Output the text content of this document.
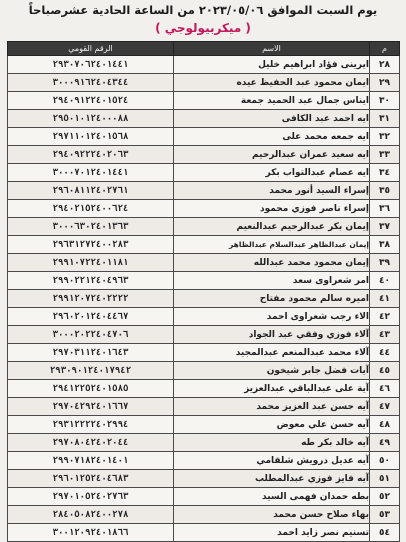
يوم السبت الموافق ٢٠٢٣/٠٥/٠٦ من الساعة الحادية عشرصباحاً
( ميكربيولوجي )
م	الاسم	الرقم القومي
٢٨	ايرينى فؤاد ابراهيم خليل	٢٩٣٠٧٠٦٢٤٠١٤٤١
٢٩	ايمان محمود عبد الحفيظ عيده	٣٠٠٠٩١٦٢٤٠٤٣٤٤
٣٠	ايناس جمال عبد الحميد جمعة	٢٩٤٠٩١٢٢٤٠١٥٢٤
٣١	ايه احمد عبد الكافى	٢٩٥٠١٠١٢٤٠٠٠٨٨
٣٢	ايه جمعه محمد على	٢٩٧١١٠١٢٤٠١٥٦٨
٣٣	ايه سعيد عمران عبدالرحيم	٢٩٤٠٩٢٢٢٤٠٢٠٦٣
٣٤	ايه عصام عبدالتواب بكر	٣٠٠٠٧٠١٢٤٠١٤٤١
٣٥	إسراء السيد أنور محمد	٢٩٦٠٨١١٢٤٠٢٧٦١
٣٦	إسراء ناصر فوزي محمود	٢٩٤٠٢١٥٢٤٠٠٦٢٤
٣٧	إيمان بكر عبدالرحيم عبدالنعيم	٣٠٠٠٦٣٠٢٤٠١٣٦٣
٣٨	إيمان عبدالظاهر عبدالسلام عبدالظاهر	٢٩٦٣١٢٧٢٤٠٠٢٨٣
٣٩	إيمان محمود محمد عبدالله	٢٩٩١٠٧٢٢٤٠١١٨١
٤٠	امر شعراوى سعد	٢٩٩٠٢٢١٢٤٠٤٩٦٣
٤١	اميره سالم محمود مفتاح	٢٩٩١٢٠٧٢٤٠٢٢٢٢
٤٢	الاء رجب شعراوى احمد	٢٩٦٠٢٠١٢٤٠٤٤٦٧
٤٣	آلاء فوزي وفقي عبد الجواد	٣٠٠٠٢٠٢٢٤٠٤٧٠٦
٤٤	آلاء محمد عبدالمنعم عبدالمجيد	٢٩٧٠٣١١٢٤٠١٦٤٣
٤٥	آيات فضل جابر شيخون	٢٩٣٠٩٠١٢٤٠١٧٩٤٢
٤٦	آية على عبدالباقي عبدالعزيز	٢٩٤١٢٢٥٢٤٠١٥٨٥
٤٧	آيه حسن عبد العزيز محمد	٢٩٧٠٤٢٩٢٤٠١٦٦٧
٤٨	آيه حسن علي معوض	٢٩٣١٢٢٢٢٤٠٢٩٩٤
٤٩	آيه خالد بكر طه	٢٩٧٠٨٠٤٢٤٠٢٠٤٤
٥٠	آيه عديل درويش شلقامي	٢٩٩٠٧١٨٢٤٠١٤٠١
٥١	آيه فايز فوزي عبدالمطلب	٢٩٦٠١٢٥٢٤٠٤٦٨٣
٥٢	بطه حمدان فهمى السيد	٢٩٧٠١٠٥٢٤٠٢٧٦٣
٥٣	بهاء صلاح حسن محمد	٢٨٤٠٥٠٨٢٤٠٠٢٧٨
٥٤	تسنيم نصر زايد احمد	٣٠٠١٢٠٩٢٤٠١٨٦٦
